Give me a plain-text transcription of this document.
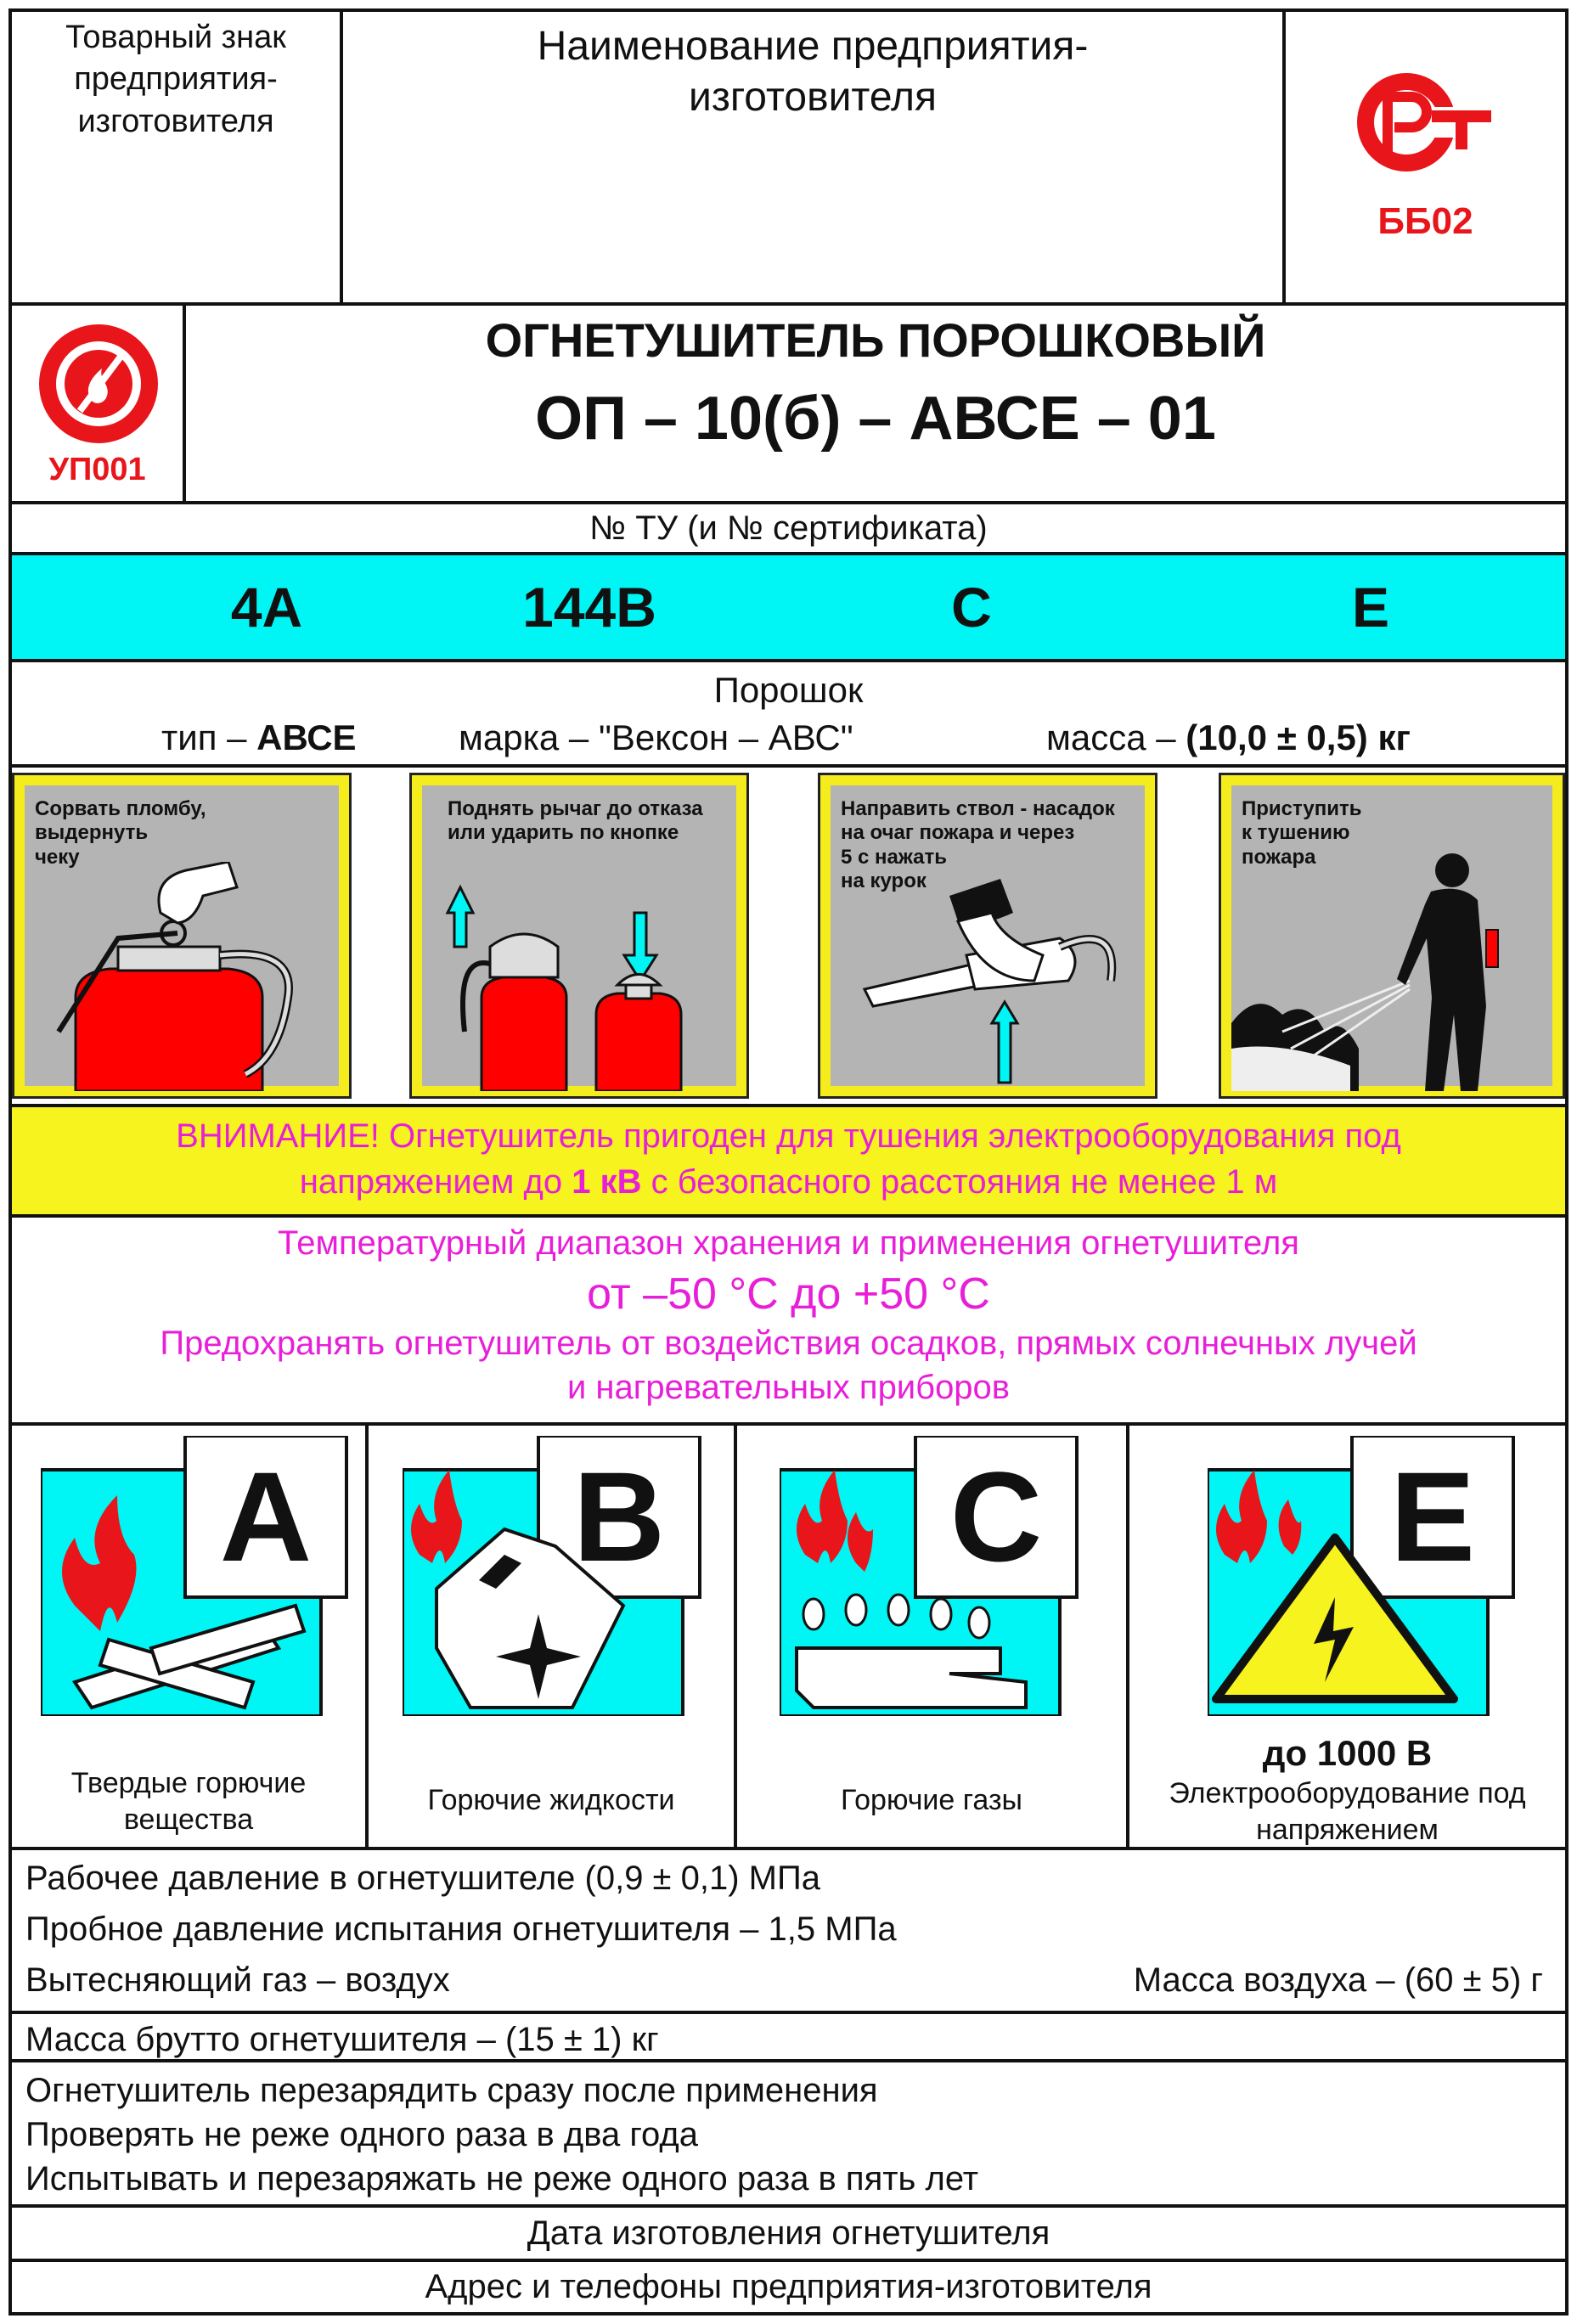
Товарный знак
предприятия-
изготовителя
Наименование предприятия-
изготовителя
ББ02
УП001
ОГНЕТУШИТЕЛЬ ПОРОШКОВЫЙ
ОП – 10(б) – АВСЕ – 01
№ ТУ (и № сертификата)
4A	144B	C	E
Порошок
тип – АВСЕ	марка – "Вексон – АВС"	масса – (10,0 ± 0,5) кг
Сорвать пломбу,
выдернуть
чеку
Поднять рычаг до отказа
или ударить по кнопке
Направить ствол - насадок
на очаг пожара и через
5 с нажать
на курок
Приступить
к тушению
пожара
ВНИМАНИЕ! Огнетушитель пригоден для тушения электрооборудования под
напряжением до 1 кВ с безопасного расстояния не менее 1 м
Температурный диапазон хранения и применения огнетушителя
от –50 °С до +50 °С
Предохранять огнетушитель от воздействия осадков, прямых солнечных лучей
и нагревательных приборов
A
Твердые горючие
вещества
B
Горючие жидкости
C
Горючие газы
E
до 1000 В
Электрооборудование под
напряжением
Рабочее давление в огнетушителе (0,9 ± 0,1) МПа
Пробное давление испытания огнетушителя – 1,5 МПа
Вытесняющий газ – воздух	Масса воздуха – (60 ± 5) г
Масса брутто огнетушителя – (15 ± 1) кг
Огнетушитель перезарядить сразу после применения
Проверять не реже одного раза в два года
Испытывать и перезаряжать не реже одного раза в пять лет
Дата изготовления огнетушителя
Адрес и телефоны предприятия-изготовителя
